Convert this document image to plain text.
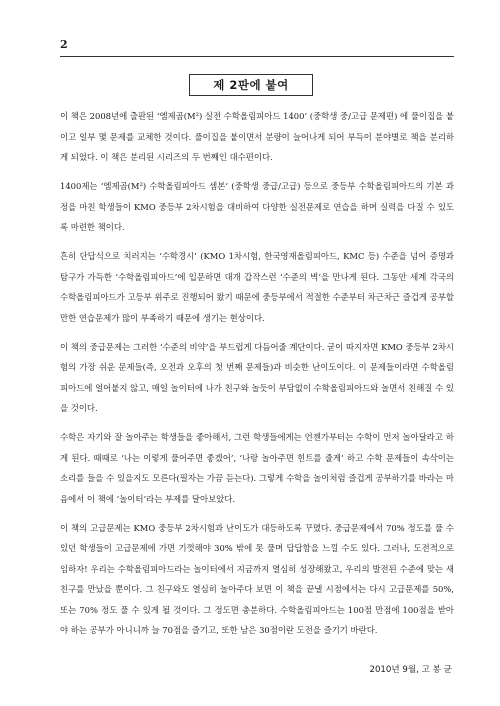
2
제 2판에 붙여

이 책은 2008년에 출판된 ‘엠제곱(M²) 실전 수학올림피아드 1400’ (중학생 중/고급 문제편) 에 풀이집을 붙이고 일부 몇 문제를 교체한 것이다. 풀이집을 붙이면서 분량이 늘어나게 되어 부득이 분야별로 책을 분리하게 되었다. 이 책은 분리된 시리즈의 두 번째인 대수편이다.

1400제는 ‘엠제곱(M²) 수학올림피아드 셈본’ (중학생 중급/고급) 등으로 중등부 수학올림피아드의 기본 과정을 마친 학생들이 KMO 중등부 2차시험을 대비하여 다양한 실전문제로 연습을 하며 실력을 다질 수 있도록 마련한 책이다.

흔히 단답식으로 치러지는 ‘수학경시’ (KMO 1차시험, 한국영재올림피아드, KMC 등) 수준을 넘어 증명과 탐구가 가득한 ‘수학올림피아드’에 입문하면 대개 갑작스런 ‘수준의 벽’을 만나게 된다. 그동안 세계 각국의 수학올림피아드가 고등부 위주로 진행되어 왔기 때문에 중등부에서 적절한 수준부터 차근차근 즐겁게 공부할만한 연습문제가 많이 부족하기 때문에 생기는 현상이다.

이 책의 중급문제는 그러한 ‘수준의 비약’을 부드럽게 다듬어줄 계단이다. 굳이 따지자면 KMO 중등부 2차시험의 가장 쉬운 문제들(즉, 오전과 오후의 첫 번째 문제들)과 비슷한 난이도이다. 이 문제들이라면 수학올림피아드에 얼어붙지 않고, 매일 놀이터에 나가 친구와 놀듯이 부담없이 수학올림피아드와 놀면서 친해질 수 있을 것이다.

수학은 자기와 잘 놀아주는 학생들을 좋아해서, 그런 학생들에게는 언젠가부터는 수학이 먼저 놀아달라고 하게 된다. 때때로 ‘나는 이렇게 풀어주면 좋겠어’, ‘나랑 놀아주면 힌트를 줄게’ 하고 수학 문제들이 속삭이는 소리를 들을 수 있을지도 모른다(필자는 가끔 듣는다). 그렇게 수학을 놀이처럼 즐겁게 공부하기를 바라는 마음에서 이 책에 ‘놀이터’라는 부제를 달아보았다.

이 책의 고급문제는 KMO 중등부 2차시험과 난이도가 대등하도록 꾸몄다. 중급문제에서 70% 정도를 풀 수 있던 학생들이 고급문제에 가면 기껏해야 30% 밖에 못 풀며 답답함을 느낄 수도 있다. 그러나, 도전적으로 임하자! 우리는 수학올림피아드라는 놀이터에서 지금까지 열심히 성장해왔고, 우리의 발전된 수준에 맞는 새 친구를 만났을 뿐이다. 그 친구와도 열심히 놀아주다 보면 이 책을 끝낼 시점에서는 다시 고급문제를 50%, 또는 70% 정도 풀 수 있게 될 것이다. 그 정도면 충분하다. 수학올림피아드는 100점 만점에 100점을 받아야 하는 공부가 아니니까 늘 70점을 즐기고, 또한 남은 30점이란 도전을 즐기기 바란다.

2010년 9월, 고 봉 균
